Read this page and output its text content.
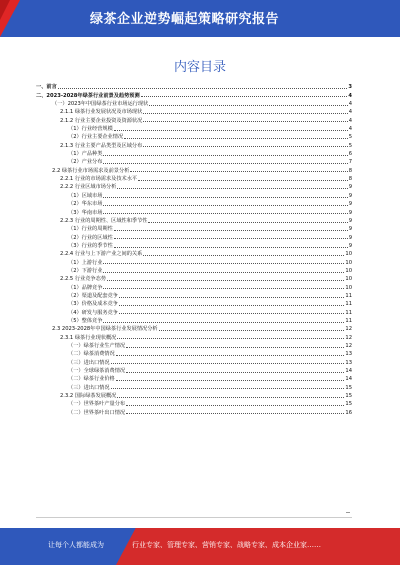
绿茶企业逆势崛起策略研究报告
内容目录
一、前言	3
二、2023-2028年绿茶行业前景及趋势预测	4
（一）2023年中国绿茶行业市场运行现状	4
2.1.1 绿茶行业发展状况及市场现状	4
2.1.2 行业主要企业投资及资源状况	4
（1）行业经营规模	4
（2）行业主要企业情况	5
2.1.3 行业主要产品类型及区域分布	5
（1）产品种类	6
（2）产业分布	7
2.2 绿茶行业市场需求及前景分析	8
2.2.1 行业的市场需求及技术水平	8
2.2.2 行业区域市场分析	9
（1）区域市场	9
（2）华东市场	9
（3）华南市场	9
2.2.3 行业的周期性、区域性和季节性	9
（1）行业的周期性	9
（2）行业的区域性	9
（3）行业的季节性	9
2.2.4 行业与上下游产业之间的关系	10
（1）上游行业	10
（2）下游行业	10
2.2.5 行业竞争态势	10
（1）品牌竞争	10
（2）渠道及配套竞争	11
（3）价格及成本竞争	11
（4）研发与服务竞争	11
（5）整体竞争	11
2.3 2023-2028年中国绿茶行业发展情况分析	12
2.3.1 绿茶行业现状概况	12
（一）绿茶行业生产情况	12
（二）绿茶消费情况	13
（三）进出口情况	13
（一）全球绿茶消费情况	14
（二）绿茶行业价格	14
（三）进出口情况	15
2.3.2 国际绿茶发展概况	15
（一）世界茶叶产量分布	15
（二）世界茶叶出口情况	16
让每个人都能成为	行业专家、管理专家、营销专家、战略专家、成本企业家……
